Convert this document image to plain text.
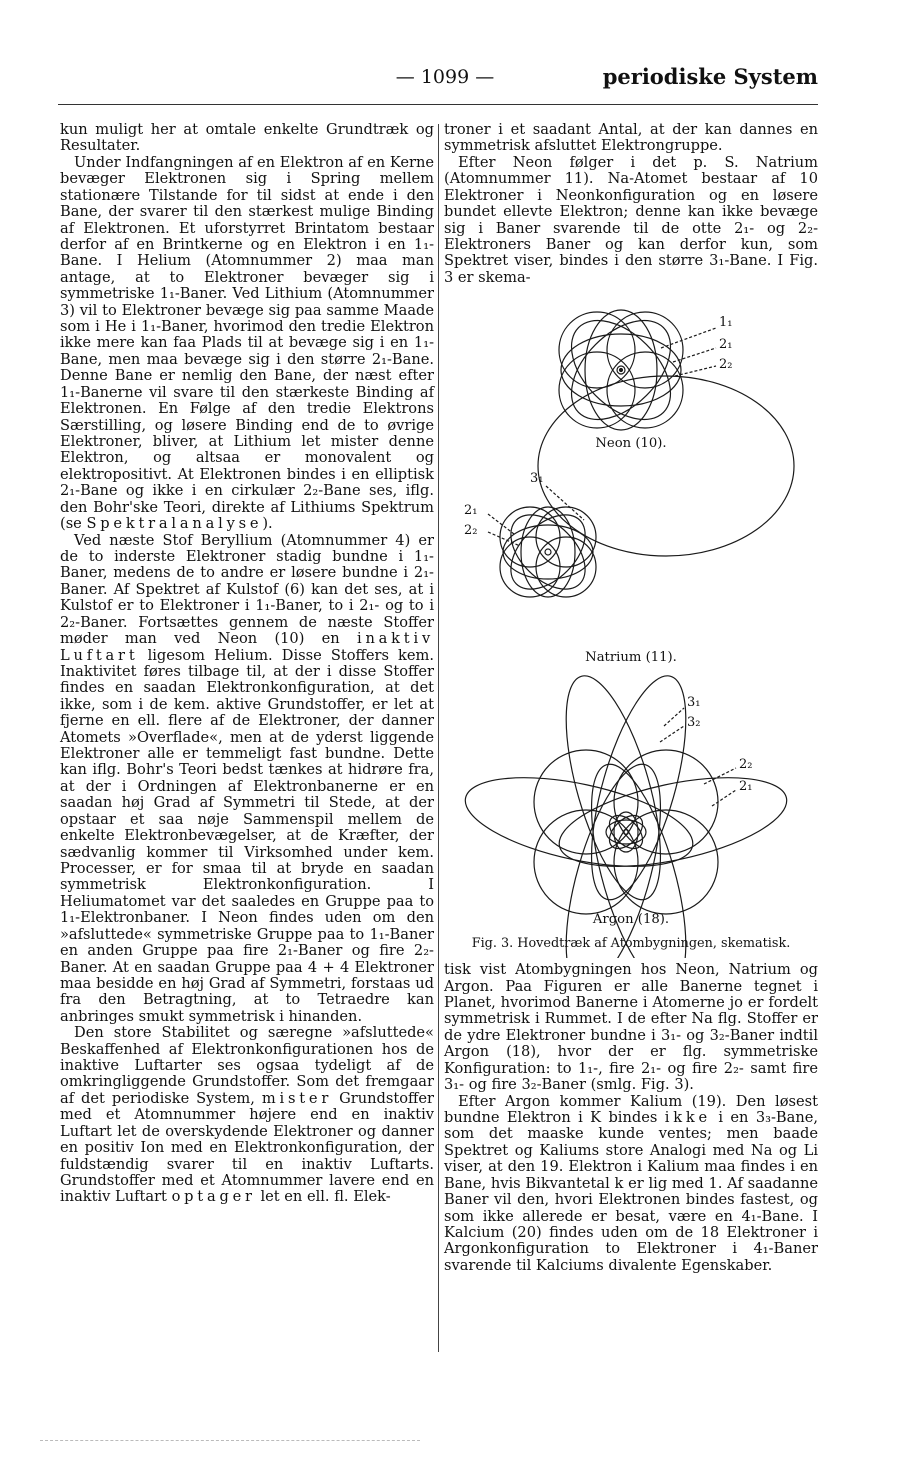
— 1099 —	periodiske System

kun muligt her at omtale enkelte Grundtræk og Resultater.

Under Indfangningen af en Elektron af en Kerne bevæger Elektronen sig i Spring mellem stationære Tilstande for til sidst at ende i den Bane, der svarer til den stærkest mulige Binding af Elektronen. Et uforstyrret Brintatom bestaar derfor af en Brintkerne og en Elektron i en 1₁-Bane. I Helium (Atomnummer 2) maa man antage, at to Elektroner bevæger sig i symmetriske 1₁-Baner. Ved Lithium (Atomnummer 3) vil to Elektroner bevæge sig paa samme Maade som i He i 1₁-Baner, hvorimod den tredie Elektron ikke mere kan faa Plads til at bevæge sig i en 1₁-Bane, men maa bevæge sig i den større 2₁-Bane. Denne Bane er nemlig den Bane, der næst efter 1₁-Banerne vil svare til den stærkeste Binding af Elektronen. En Følge af den tredie Elektrons Særstilling, og løsere Binding end de to øvrige Elektroner, bliver, at Lithium let mister denne Elektron, og altsaa er monovalent og elektropositivt. At Elektronen bindes i en elliptisk 2₁-Bane og ikke i en cirkulær 2₂-Bane ses, iflg. den Bohr'ske Teori, direkte af Lithiums Spektrum (se Spektralanalyse).

Ved næste Stof Beryllium (Atomnummer 4) er de to inderste Elektroner stadig bundne i 1₁-Baner, medens de to andre er løsere bundne i 2₁-Baner. Af Spektret af Kulstof (6) kan det ses, at i Kulstof er to Elektroner i 1₁-Baner, to i 2₁- og to i 2₂-Baner. Fortsættes gennem de næste Stoffer møder man ved Neon (10) en inaktiv Luftart ligesom Helium. Disse Stoffers kem. Inaktivitet føres tilbage til, at der i disse Stoffer findes en saadan Elektronkonfiguration, at det ikke, som i de kem. aktive Grundstoffer, er let at fjerne en ell. flere af de Elektroner, der danner Atomets »Overflade«, men at de yderst liggende Elektroner alle er temmeligt fast bundne. Dette kan iflg. Bohr's Teori bedst tænkes at hidrøre fra, at der i Ordningen af Elektronbanerne er en saadan høj Grad af Symmetri til Stede, at der opstaar et saa nøje Sammenspil mellem de enkelte Elektronbevægelser, at de Kræfter, der sædvanlig kommer til Virksomhed under kem. Processer, er for smaa til at bryde en saadan symmetrisk Elektronkonfiguration. I Heliumatomet var det saaledes en Gruppe paa to 1₁-Elektronbaner. I Neon findes uden om den »afsluttede« symmetriske Gruppe paa to 1₁-Baner en anden Gruppe paa fire 2₁-Baner og fire 2₂-Baner. At en saadan Gruppe paa 4 + 4 Elektroner maa besidde en høj Grad af Symmetri, forstaas ud fra den Betragtning, at to Tetraedre kan anbringes smukt symmetrisk i hinanden.

Den store Stabilitet og særegne »afsluttede« Beskaffenhed af Elektronkonfigurationen hos de inaktive Luftarter ses ogsaa tydeligt af de omkringliggende Grundstoffer. Som det fremgaar af det periodiske System, mister Grundstoffer med et Atomnummer højere end en inaktiv Luftart let de overskydende Elektroner og danner en positiv Ion med en Elektronkonfiguration, der fuldstændig svarer til en inaktiv Luftarts. Grundstoffer med et Atomnummer lavere end en inaktiv Luftart optager let en ell. fl. Elek-

troner i et saadant Antal, at der kan dannes en symmetrisk afsluttet Elektrongruppe.

Efter Neon følger i det p. S. Natrium (Atomnummer 11). Na-Atomet bestaar af 10 Elektroner i Neonkonfiguration og en løsere bundet ellevte Elektron; denne kan ikke bevæge sig i Baner svarende til de otte 2₁- og 2₂-Elektroners Baner og kan derfor kun, som Spektret viser, bindes i den større 3₁-Bane. I Fig. 3 er skema-

1₁
2₁
2₂
3₁
2₁
2₂
3₁
3₂
2₂
2₁
Neon (10).
Natrium (11).
Argon (18).
Fig. 3. Hovedtræk af Atombygningen, skematisk.

tisk vist Atombygningen hos Neon, Natrium og Argon. Paa Figuren er alle Banerne tegnet i Planet, hvorimod Banerne i Atomerne jo er fordelt symmetrisk i Rummet. I de efter Na flg. Stoffer er de ydre Elektroner bundne i 3₁- og 3₂-Baner indtil Argon (18), hvor der er flg. symmetriske Konfiguration: to 1₁-, fire 2₁- og fire 2₂- samt fire 3₁- og fire 3₂-Baner (smlg. Fig. 3).

Efter Argon kommer Kalium (19). Den løsest bundne Elektron i K bindes ikke i en 3₃-Bane, som det maaske kunde ventes; men baade Spektret og Kaliums store Analogi med Na og Li viser, at den 19. Elektron i Kalium maa findes i en Bane, hvis Bikvantetal k er lig med 1. Af saadanne Baner vil den, hvori Elektronen bindes fastest, og som ikke allerede er besat, være en 4₁-Bane. I Kalcium (20) findes uden om de 18 Elektroner i Argonkonfiguration to Elektroner i 4₁-Baner svarende til Kalciums divalente Egenskaber.
